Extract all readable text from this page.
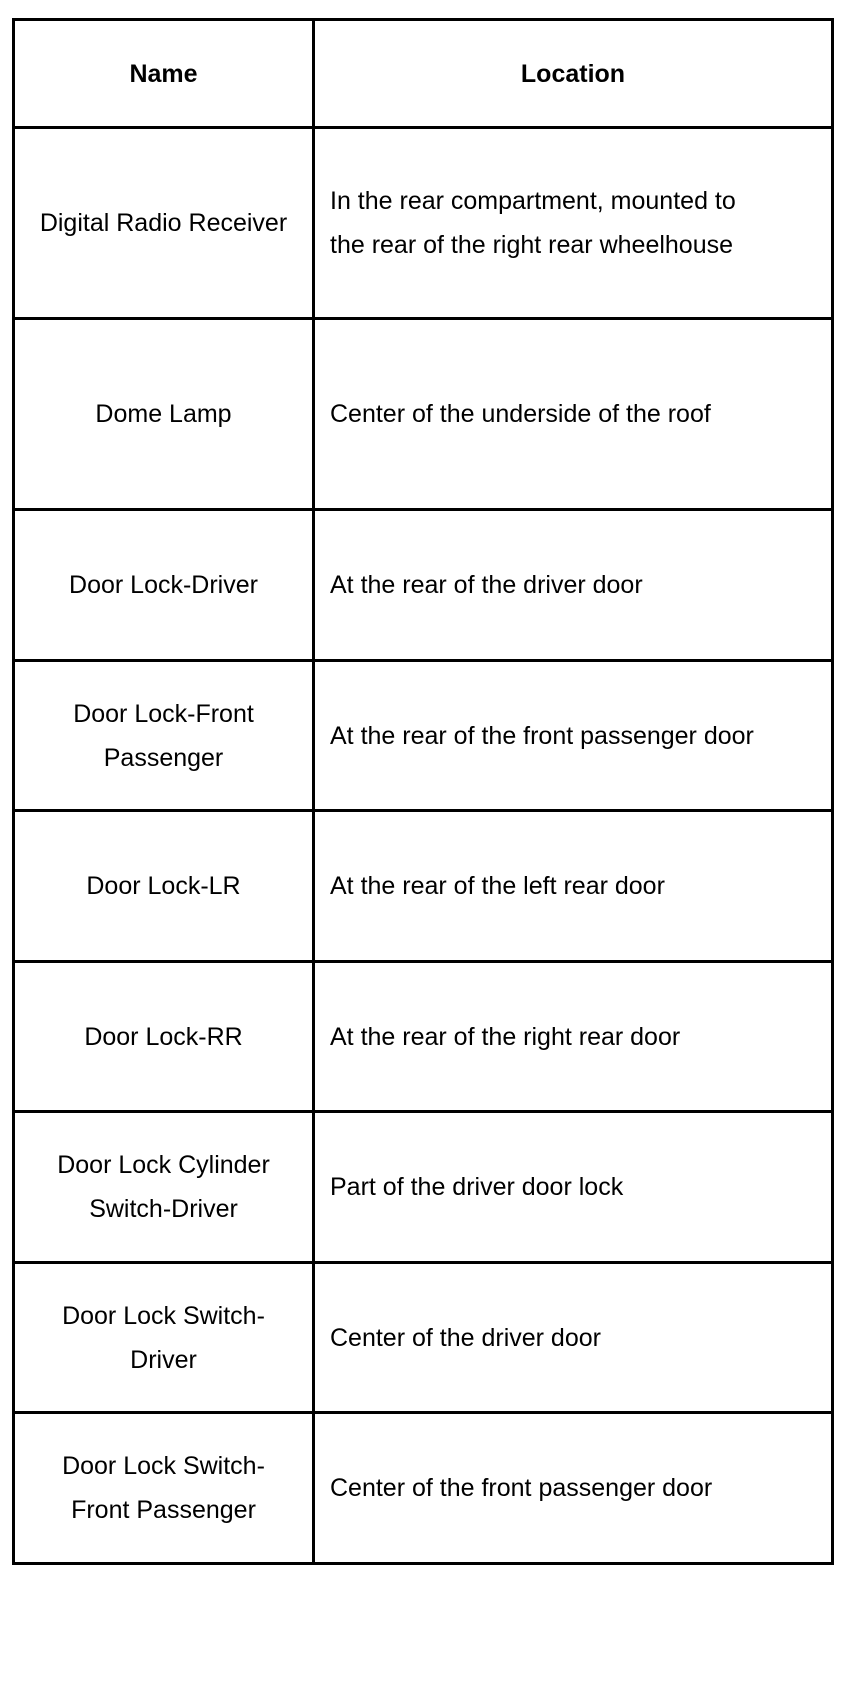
Name	Location
Digital Radio Receiver	In the rear compartment, mounted to the rear of the right rear wheelhouse
Dome Lamp	Center of the underside of the roof
Door Lock-Driver	At the rear of the driver door
Door Lock-Front Passenger	At the rear of the front passenger door
Door Lock-LR	At the rear of the left rear door
Door Lock-RR	At the rear of the right rear door
Door Lock Cylinder Switch-Driver	Part of the driver door lock
Door Lock Switch-Driver	Center of the driver door
Door Lock Switch-Front Passenger	Center of the front passenger door
